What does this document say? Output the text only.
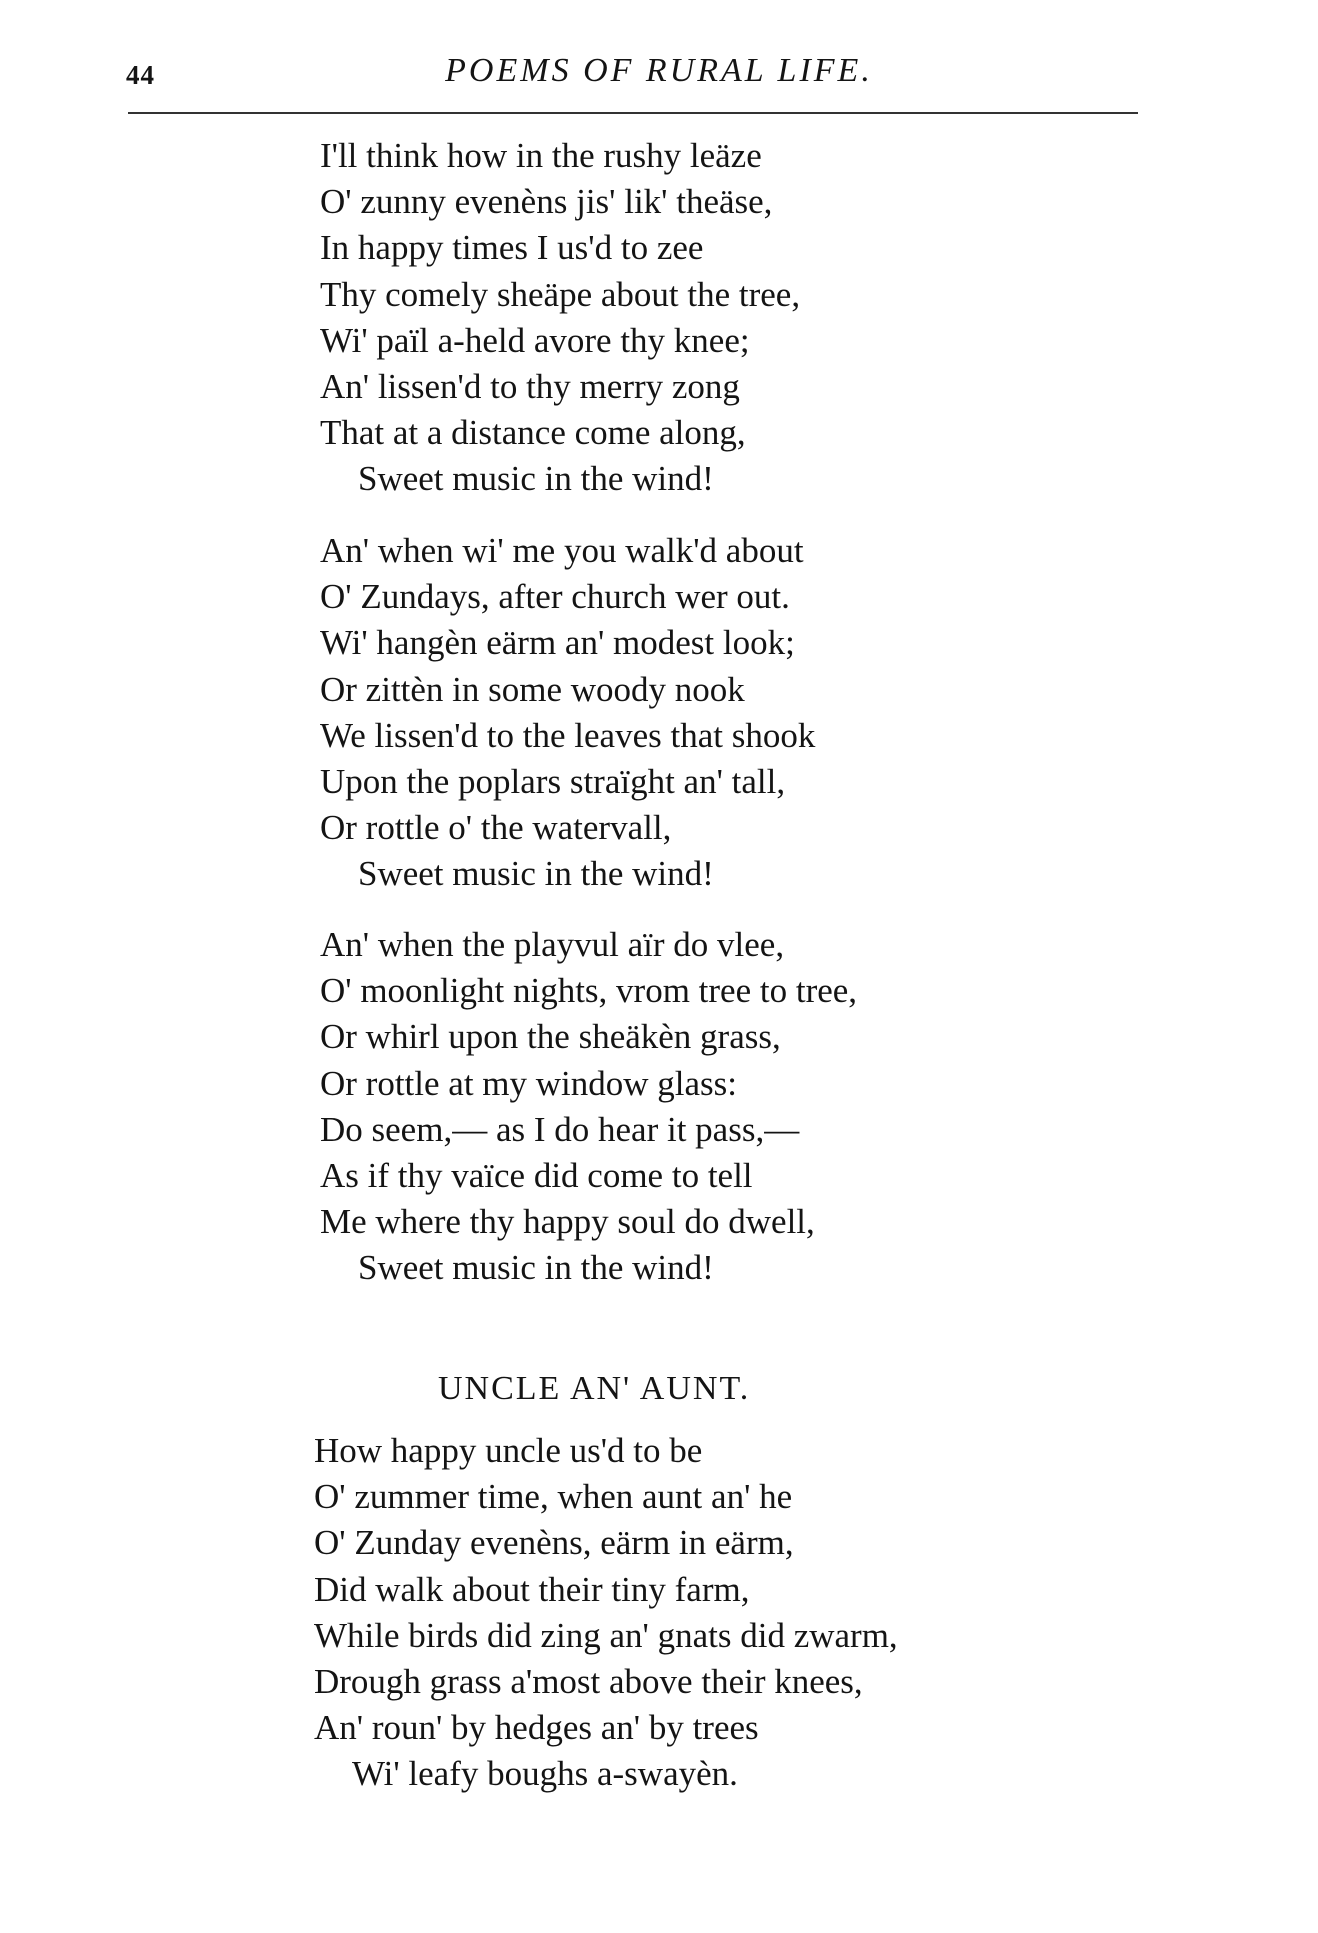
44	POEMS OF RURAL LIFE.
I'll think how in the rushy leäze
O' zunny evenèns jis' lik' theäse,
In happy times I us'd to zee
Thy comely sheäpe about the tree,
Wi' païl a-held avore thy knee;
An' lissen'd to thy merry zong
That at a distance come along,
Sweet music in the wind!
An' when wi' me you walk'd about
O' Zundays, after church wer out.
Wi' hangèn eärm an' modest look;
Or zittèn in some woody nook
We lissen'd to the leaves that shook
Upon the poplars straïght an' tall,
Or rottle o' the watervall,
Sweet music in the wind!
An' when the playvul aïr do vlee,
O' moonlight nights, vrom tree to tree,
Or whirl upon the sheäkèn grass,
Or rottle at my window glass:
Do seem,— as I do hear it pass,—
As if thy vaïce did come to tell
Me where thy happy soul do dwell,
Sweet music in the wind!
UNCLE AN' AUNT.
How happy uncle us'd to be
O' zummer time, when aunt an' he
O' Zunday evenèns, eärm in eärm,
Did walk about their tiny farm,
While birds did zing an' gnats did zwarm,
Drough grass a'most above their knees,
An' roun' by hedges an' by trees
Wi' leafy boughs a-swayèn.
